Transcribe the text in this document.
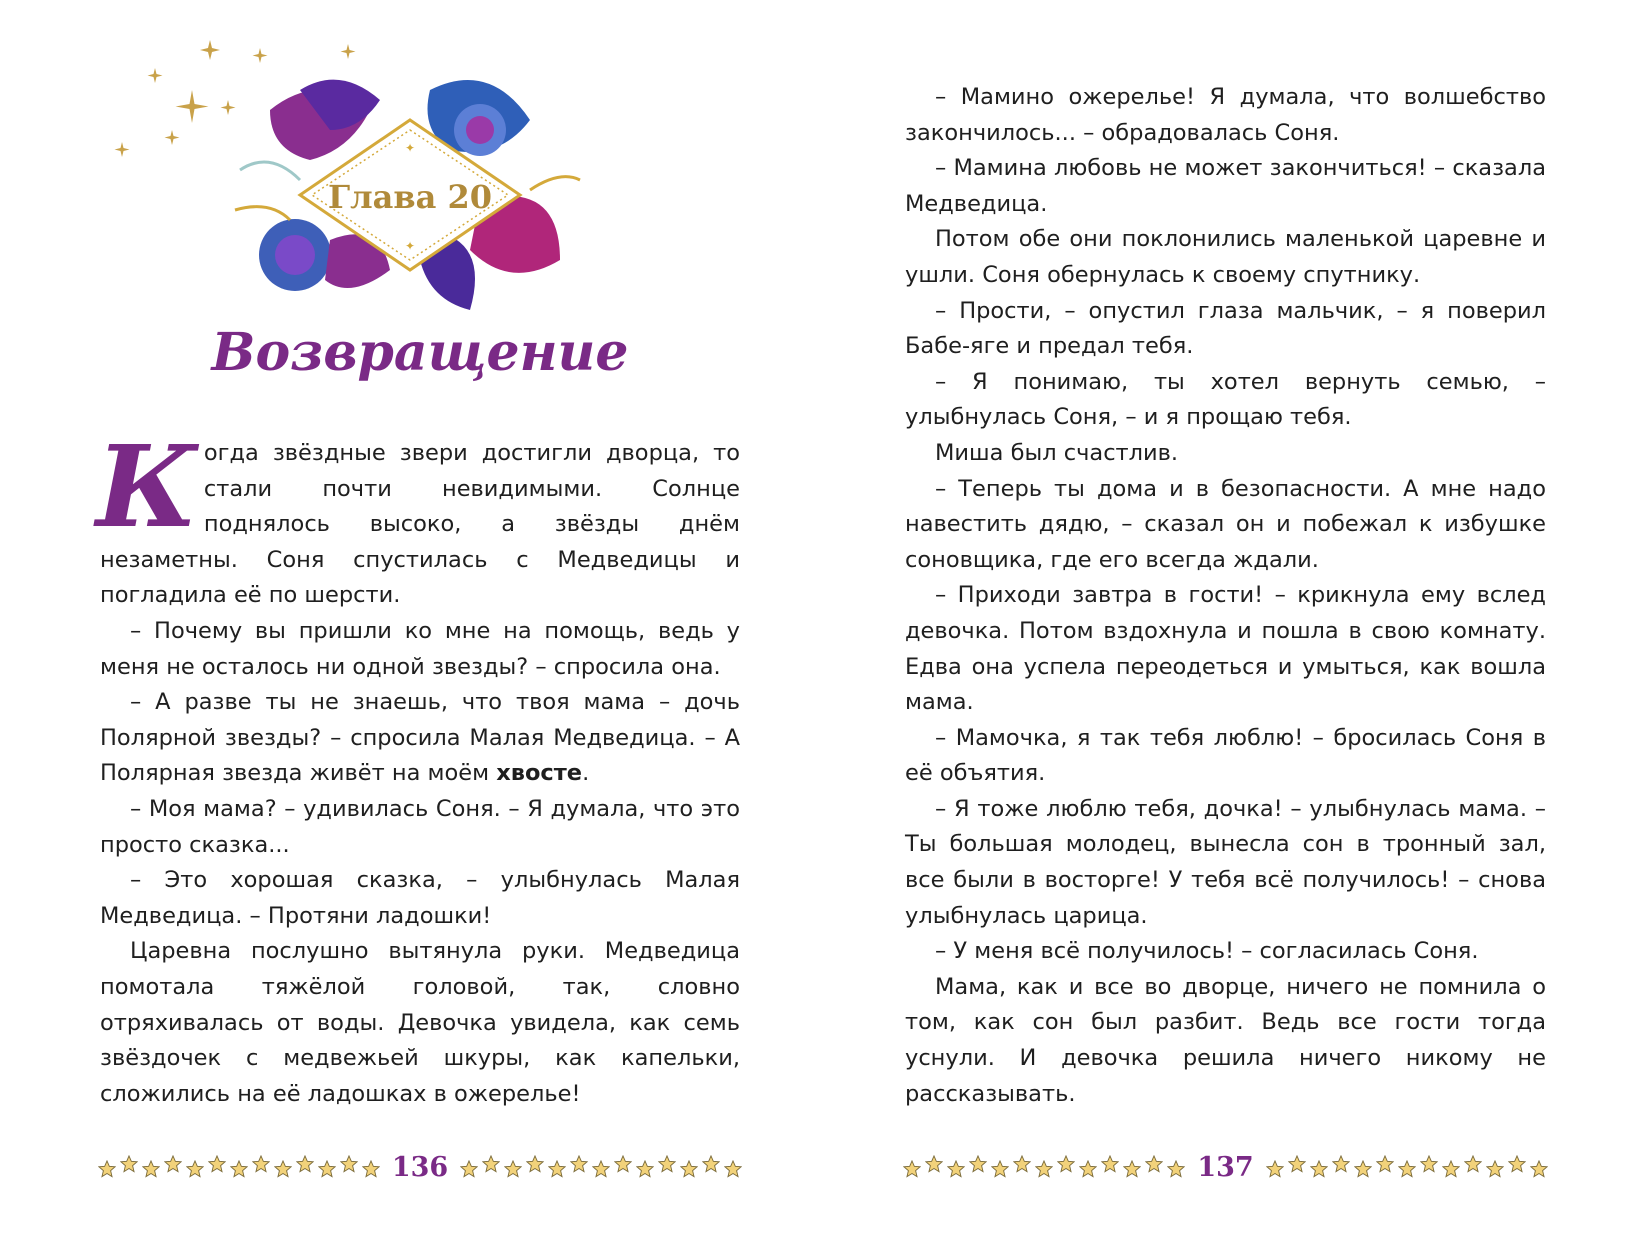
✦
✦
Глава 20
Возвращение

Когда звёздные звери достигли дворца, то стали почти невидимыми. Солнце поднялось высоко, а звёзды днём незаметны. Соня спустилась с Медведицы и погладила её по шерсти.

– Почему вы пришли ко мне на помощь, ведь у меня не осталось ни одной звезды? – спросила она.

– А разве ты не знаешь, что твоя мама – дочь Полярной звезды? – спросила Малая Медведица. – А Полярная звезда живёт на моём хвосте.

– Моя мама? – удивилась Соня. – Я думала, что это просто сказка...

– Это хорошая сказка, – улыбнулась Малая Медведица. – Протяни ладошки!

Царевна послушно вытянула руки. Медведица помотала тяжёлой головой, так, словно отряхивалась от воды. Девочка увидела, как семь звёздочек с медвежьей шкуры, как капельки, сложились на её ладошках в ожерелье!

136

– Мамино ожерелье! Я думала, что волшебство закончилось... – обрадовалась Соня.

– Мамина любовь не может закончиться! – сказала Медведица.

Потом обе они поклонились маленькой царевне и ушли. Соня обернулась к своему спутнику.

– Прости, – опустил глаза мальчик, – я поверил Бабе-яге и предал тебя.

– Я понимаю, ты хотел вернуть семью, – улыбнулась Соня, – и я прощаю тебя.

Миша был счастлив.

– Теперь ты дома и в безопасности. А мне надо навестить дядю, – сказал он и побежал к избушке соновщика, где его всегда ждали.

– Приходи завтра в гости! – крикнула ему вслед девочка. Потом вздохнула и пошла в свою комнату. Едва она успела переодеться и умыться, как вошла мама.

– Мамочка, я так тебя люблю! – бросилась Соня в её объятия.

– Я тоже люблю тебя, дочка! – улыбнулась мама. – Ты большая молодец, вынесла сон в тронный зал, все были в восторге! У тебя всё получилось! – снова улыбнулась царица.

– У меня всё получилось! – согласилась Соня.

Мама, как и все во дворце, ничего не помнила о том, как сон был разбит. Ведь все гости тогда уснули. И девочка решила ничего никому не рассказывать.

137
